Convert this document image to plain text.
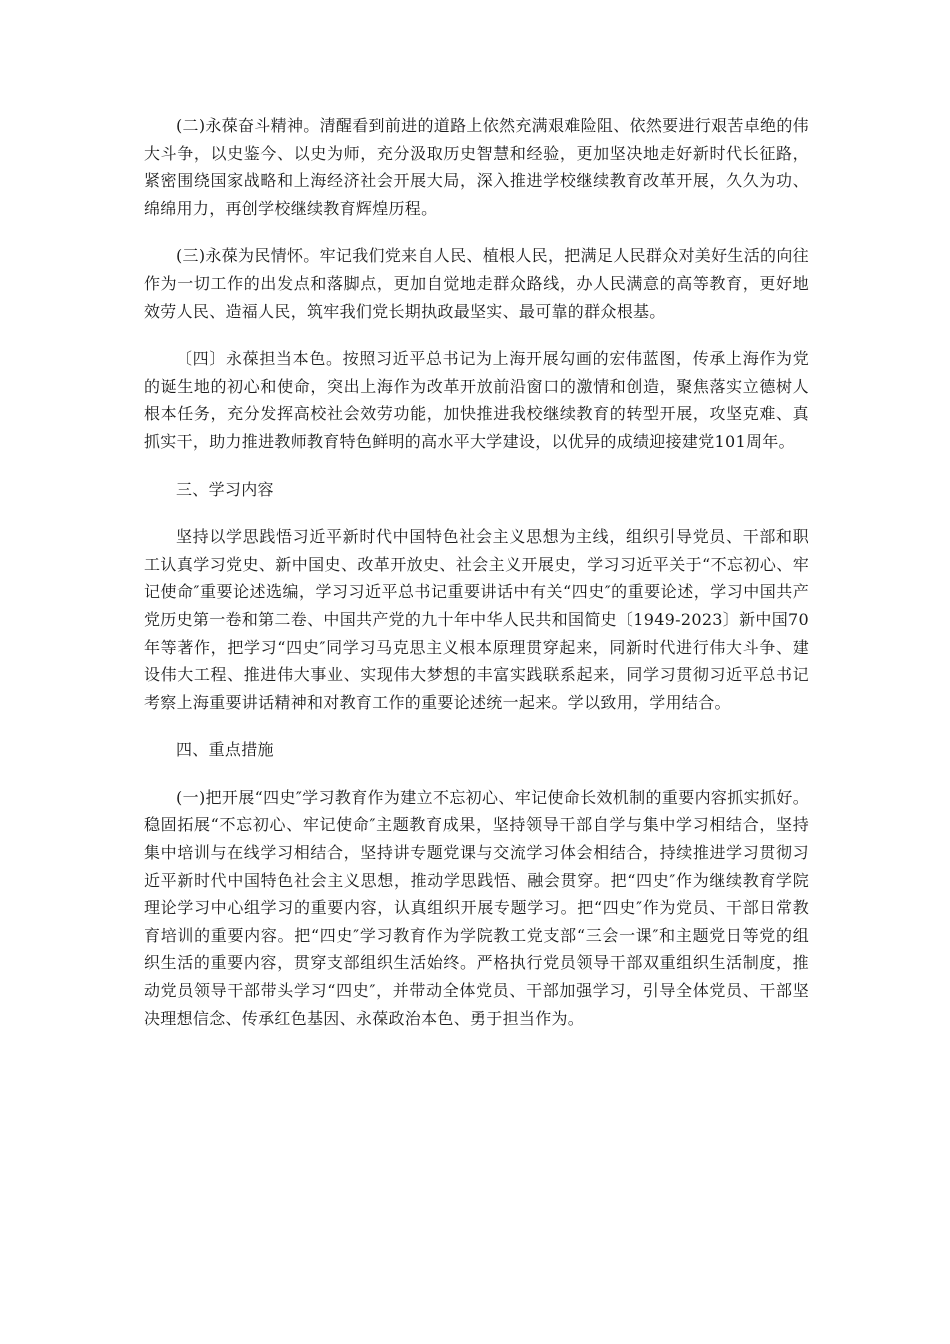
(二)永葆奋斗精神。清醒看到前进的道路上依然充满艰难险阻、依然要进行艰苦卓绝的伟大斗争，以史鉴今、以史为师，充分汲取历史智慧和经验，更加坚决地走好新时代长征路，紧密围绕国家战略和上海经济社会开展大局，深入推进学校继续教育改革开展，久久为功、绵绵用力，再创学校继续教育辉煌历程。

(三)永葆为民情怀。牢记我们党来自人民、植根人民，把满足人民群众对美好生活的向往作为一切工作的出发点和落脚点，更加自觉地走群众路线，办人民满意的高等教育，更好地效劳人民、造福人民，筑牢我们党长期执政最坚实、最可靠的群众根基。

〔四〕永葆担当本色。按照习近平总书记为上海开展勾画的宏伟蓝图，传承上海作为党的诞生地的初心和使命，突出上海作为改革开放前沿窗口的激情和创造，聚焦落实立德树人根本任务，充分发挥高校社会效劳功能，加快推进我校继续教育的转型开展，攻坚克难、真抓实干，助力推进教师教育特色鲜明的高水平大学建设，以优异的成绩迎接建党101周年。

三、学习内容

坚持以学思践悟习近平新时代中国特色社会主义思想为主线，组织引导党员、干部和职工认真学习党史、新中国史、改革开放史、社会主义开展史，学习习近平关于“不忘初心、牢记使命″重要论述选编，学习习近平总书记重要讲话中有关“四史″的重要论述，学习中国共产党历史第一卷和第二卷、中国共产党的九十年中华人民共和国简史〔1949-2023〕新中国70年等著作，把学习“四史″同学习马克思主义根本原理贯穿起来，同新时代进行伟大斗争、建设伟大工程、推进伟大事业、实现伟大梦想的丰富实践联系起来，同学习贯彻习近平总书记考察上海重要讲话精神和对教育工作的重要论述统一起来。学以致用，学用结合。

四、重点措施

(一)把开展“四史″学习教育作为建立不忘初心、牢记使命长效机制的重要内容抓实抓好。稳固拓展“不忘初心、牢记使命″主题教育成果，坚持领导干部自学与集中学习相结合，坚持集中培训与在线学习相结合，坚持讲专题党课与交流学习体会相结合，持续推进学习贯彻习近平新时代中国特色社会主义思想，推动学思践悟、融会贯穿。把“四史″作为继续教育学院理论学习中心组学习的重要内容，认真组织开展专题学习。把“四史″作为党员、干部日常教育培训的重要内容。把“四史″学习教育作为学院教工党支部“三会一课″和主题党日等党的组织生活的重要内容，贯穿支部组织生活始终。严格执行党员领导干部双重组织生活制度，推动党员领导干部带头学习“四史″，并带动全体党员、干部加强学习，引导全体党员、干部坚决理想信念、传承红色基因、永葆政治本色、勇于担当作为。
